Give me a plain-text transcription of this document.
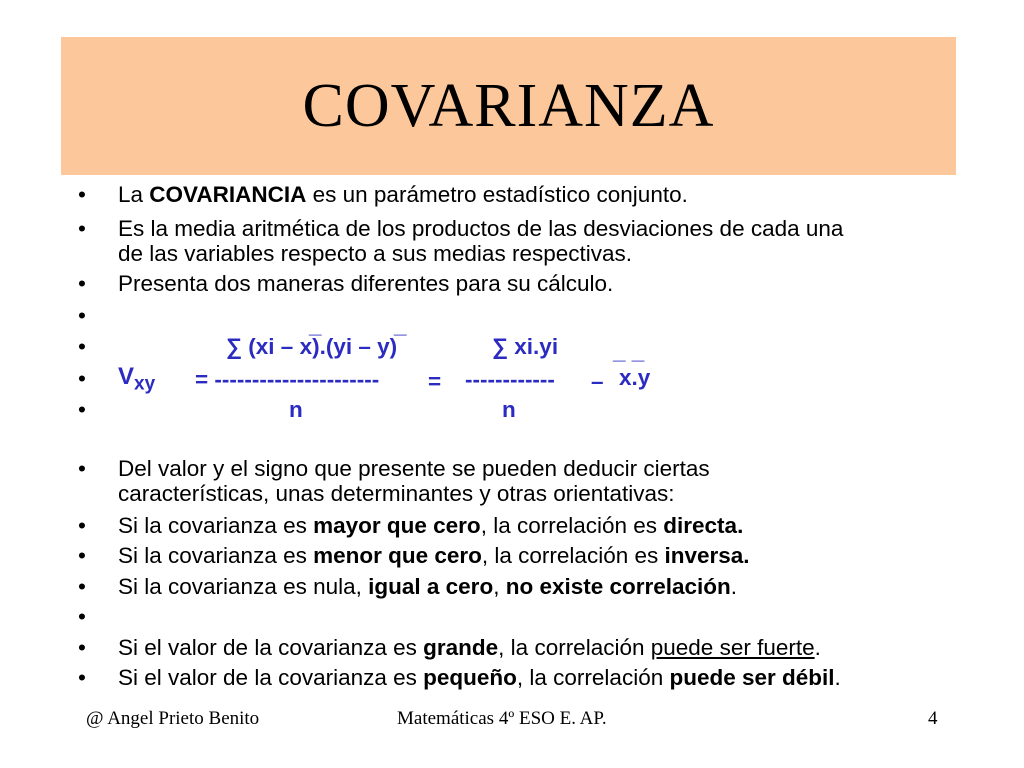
COVARIANZA
•
•
•
•
•
•
•
•
•
•
•
•
•
•
La COVARIANCIA es un parámetro estadístico conjunto.
Es la media aritmética de los productos de las desviaciones de cada una
de las variables respecto a sus medias respectivas.
Presenta dos maneras diferentes para su cálculo.
_	_
∑ (xi – x).(yi – y)	∑ xi.yi _ _
$V_{xy}$ = ---------------------- = ------------ – x.y
n	n
Del valor y el signo que presente se pueden deducir ciertas
características, unas determinantes y otras orientativas:
Si la covarianza es mayor que cero, la correlación es directa.
Si la covarianza es menor que cero, la correlación es inversa.
Si la covarianza es nula, igual a cero, no existe correlación.
Si el valor de la covarianza es grande, la correlación puede ser fuerte.
Si el valor de la covarianza es pequeño, la correlación puede ser débil.
@ Angel Prieto Benito	Matemáticas 4º ESO E. AP.	4
